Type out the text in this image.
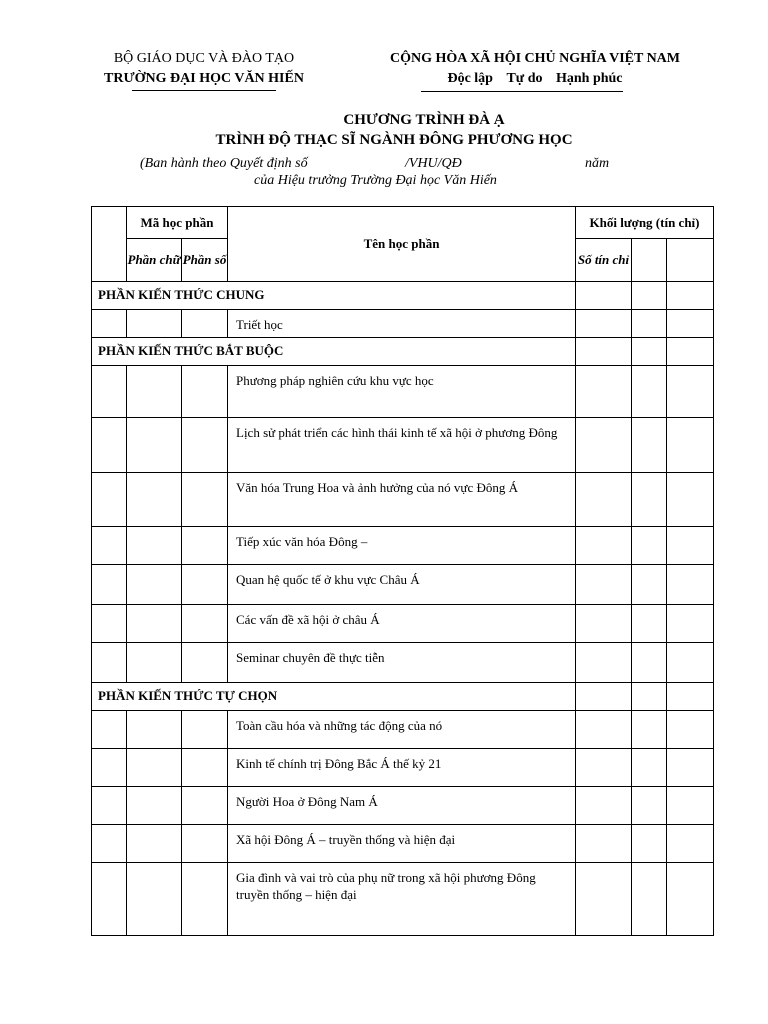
BỘ GIÁO DỤC VÀ ĐÀO TẠO
TRƯỜNG ĐẠI HỌC VĂN HIẾN
CỘNG HÒA XÃ HỘI CHỦ NGHĨA VIỆT NAM
Độc lập Tự do Hạnh phúc
CHƯƠNG TRÌNH ĐÀ Ạ
TRÌNH ĐỘ THẠC SĨ NGÀNH ĐÔNG PHƯƠNG HỌC
(Ban hành theo Quyết định số	/VHU/QĐ	năm
của Hiệu trưởng Trường Đại học Văn Hiến
	Mã học phần		Tên học phần	Khối lượng (tín chỉ)		
	Phần chữ	Phần số		Số tín chỉ		
PHẦN KIẾN THỨC CHUNG						
			Triết học			
PHẦN KIẾN THỨC BẮT BUỘC						
			Phương pháp nghiên cứu khu vực học			
			Lịch sử phát triển các hình thái kinh tế xã hội ở phương Đông			
			Văn hóa Trung Hoa và ảnh hưởng của nó vực Đông Á			
			Tiếp xúc văn hóa Đông –			
			Quan hệ quốc tế ở khu vực Châu Á			
			Các vấn đề xã hội ở châu Á			
			Seminar chuyên đề thực tiễn			
PHẦN KIẾN THỨC TỰ CHỌN						
			Toàn cầu hóa và những tác động của nó			
			Kinh tế chính trị Đông Bắc Á thế kỷ 21			
			Người Hoa ở Đông Nam Á			
			Xã hội Đông Á – truyền thống và hiện đại			
			Gia đình và vai trò của phụ nữ trong xã hội phương Đông truyền thống – hiện đại			
